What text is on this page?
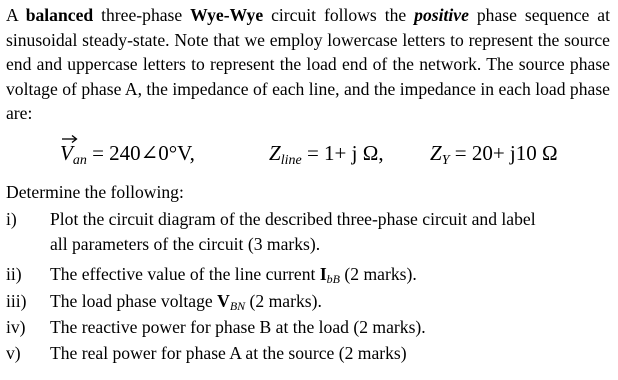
A balanced three-phase Wye-Wye circuit follows the positive phase sequence at sinusoidal steady-state. Note that we employ lowercase letters to represent the source end and uppercase letters to represent the load end of the network. The source phase voltage of phase A, the impedance of each line, and the impedance in each load phase are:
Van = 240∠0°V,	Zline = 1+ j Ω, ZY = 20+ j10 Ω
Determine the following:
i) Plot the circuit diagram of the described three-phase circuit and label
all parameters of the circuit (3 marks).
ii) The effective value of the line current IbB (2 marks).
iii) The load phase voltage VBN (2 marks).
iv) The reactive power for phase B at the load (2 marks).
v) The real power for phase A at the source (2 marks)
